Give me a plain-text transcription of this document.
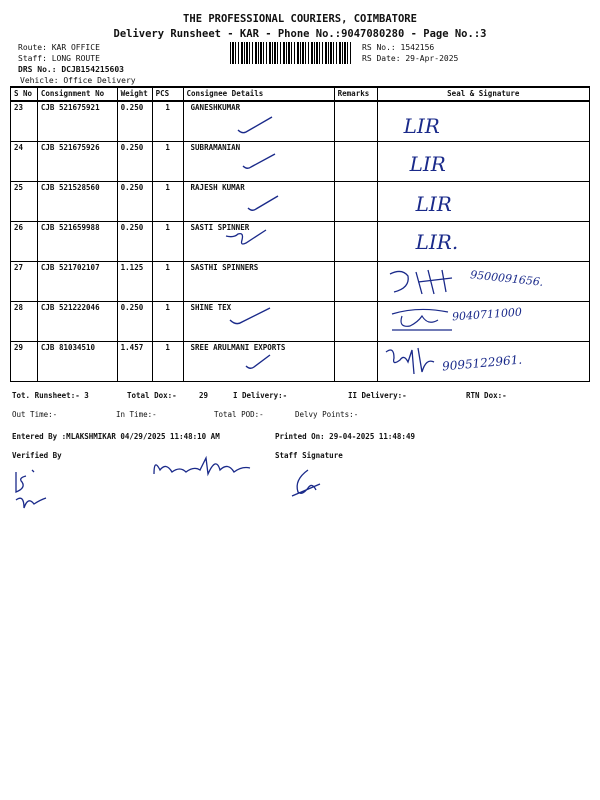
THE PROFESSIONAL COURIERS, COIMBATORE
Delivery Runsheet - KAR - Phone No.:9047080280 - Page No.:3
Route: KAR OFFICE
Staff: LONG ROUTE
DRS No.: DCJB154215603
Vehicle: Office Delivery
RS No.: 1542156
RS Date: 29-Apr-2025
S No	Consignment No	Weight	PCS	Consignee Details	Remarks	Seal & Signature
23	CJB 521675921	0.250	1	GANESHKUMAR		LIR

24	CJB 521675926	0.250	1	SUBRAMANIAN		LIR

25	CJB 521528560	0.250	1	RAJESH KUMAR		LIR

26	CJB 521659988	0.250	1	SASTI SPINNER		LIR.

27	CJB 521702107	1.125	1	SASTHI SPINNERS		9500091656.

28	CJB 521222046	0.250	1	SHINE TEX		9040711000

29	CJB 81034510	1.457	1	SREE ARULMANI EXPORTS		9095122961.
Tot. Runsheet:- 3	Total Dox:-	29	I Delivery:-	II Delivery:-	RTN Dox:-
Out Time:-	In Time:-	Total POD:-	Delvy Points:-
Entered By :MLAKSHMIKAR 04/29/2025 11:48:10 AM	Printed On: 29-04-2025 11:48:49
Verified By	Staff Signature
